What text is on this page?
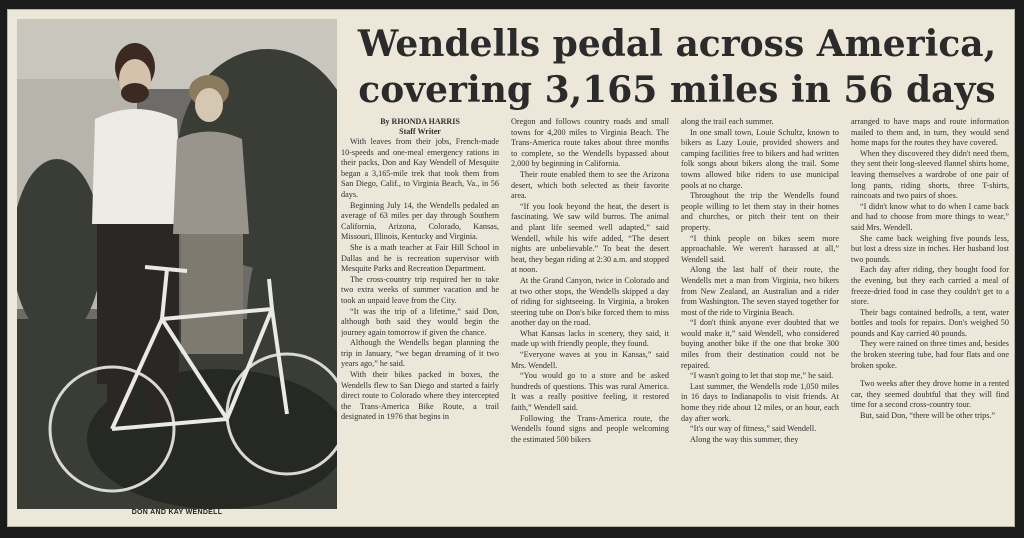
DON AND KAY WENDELL
Wendells pedal across America,
covering 3,165 miles in 56 days
By RHONDA HARRIS
Staff Writer

With leaves from their jobs, French-made 10-speeds and one-meal emergency rations in their packs, Don and Kay Wendell of Mesquite began a 3,165-mile trek that took them from San Diego, Calif., to Virginia Beach, Va., in 56 days.

Beginning July 14, the Wendells pedaled an average of 63 miles per day through Southern California, Arizona, Colorado, Kansas, Missouri, Illinois, Kentucky and Virginia.

She is a math teacher at Fair Hill School in Dallas and he is recreation supervisor with Mesquite Parks and Recreation Department.

The cross-country trip required her to take two extra weeks of summer vacation and he took an unpaid leave from the City.

“It was the trip of a lifetime,” said Don, although both said they would begin the journey again tomorrow if given the chance.

Although the Wendells began planning the trip in January, “we began dreaming of it two years ago,” he said.

With their bikes packed in boxes, the Wendells flew to San Diego and started a fairly direct route to Colorado where they intercepted the Trans-America Bike Route, a trail designated in 1976 that begins in

Oregon and follows country roads and small towns for 4,200 miles to Virginia Beach. The Trans-America route takes about three months to complete, so the Wendells bypassed about 2,000 by beginning in California.

Their route enabled them to see the Arizona desert, which both selected as their favorite area.

“If you look beyond the heat, the desert is fascinating. We saw wild burros. The animal and plant life seemed well adapted,” said Wendell, while his wife added, “The desert nights are unbelievable.” To beat the desert heat, they began riding at 2:30 a.m. and stopped at noon.

At the Grand Canyon, twice in Colorado and at two other stops, the Wendells skipped a day of riding for sightseeing. In Virginia, a broken steering tube on Don's bike forced them to miss another day on the road.

What Kansas lacks in scenery, they said, it made up with friendly people, they found.

“Everyone waves at you in Kansas,” said Mrs. Wendell.

“You would go to a store and be asked hundreds of questions. This was rural America. It was a really positive feeling, it restored faith,” Wendell said.

Following the Trans-America route, the Wendells found signs and people welcoming the estimated 500 bikers

along the trail each summer.

In one small town, Louie Schultz, known to bikers as Lazy Louie, provided showers and camping facilities free to bikers and had written folk songs about bikers along the trail. Some towns allowed bike riders to use municipal pools at no charge.

Throughout the trip the Wendells found people willing to let them stay in their homes and churches, or pitch their tent on their property.

“I think people on bikes seem more approachable. We weren't harassed at all,” Wendell said.

Along the last half of their route, the Wendells met a man from Virginia, two bikers from New Zealand, an Australian and a rider from Washington. The seven stayed together for most of the ride to Virginia Beach.

“I don't think anyone ever doubted that we would make it,” said Wendell, who considered buying another bike if the one that broke 300 miles from their destination could not be repaired.

“I wasn't going to let that stop me,” he said.

Last summer, the Wendells rode 1,050 miles in 16 days to Indianapolis to visit friends. At home they ride about 12 miles, or an hour, each day after work.

“It's our way of fitness,” said Wendell.

Along the way this summer, they

arranged to have maps and route information mailed to them and, in turn, they would send home maps for the routes they have covered.

When they discovered they didn't need them, they sent their long-sleeved flannel shirts home, leaving themselves a wardrobe of one pair of long pants, riding shorts, three T-shirts, raincoats and two pairs of shoes.

“I didn't know what to do when I came back and had to choose from more things to wear,” said Mrs. Wendell.

She came back weighing five pounds less, but lost a dress size in inches. Her husband lost two pounds.

Each day after riding, they bought food for the evening, but they each carried a meal of freeze-dried food in case they couldn't get to a store.

Their bags contained bedrolls, a tent, water bottles and tools for repairs. Don's weighed 50 pounds and Kay carried 40 pounds.

They were rained on three times and, besides the broken steering tube, had four flats and one broken spoke.

Two weeks after they drove home in a rented car, they seemed doubtful that they will find time for a second cross-country tour.

But, said Don, “there will be other trips.”
